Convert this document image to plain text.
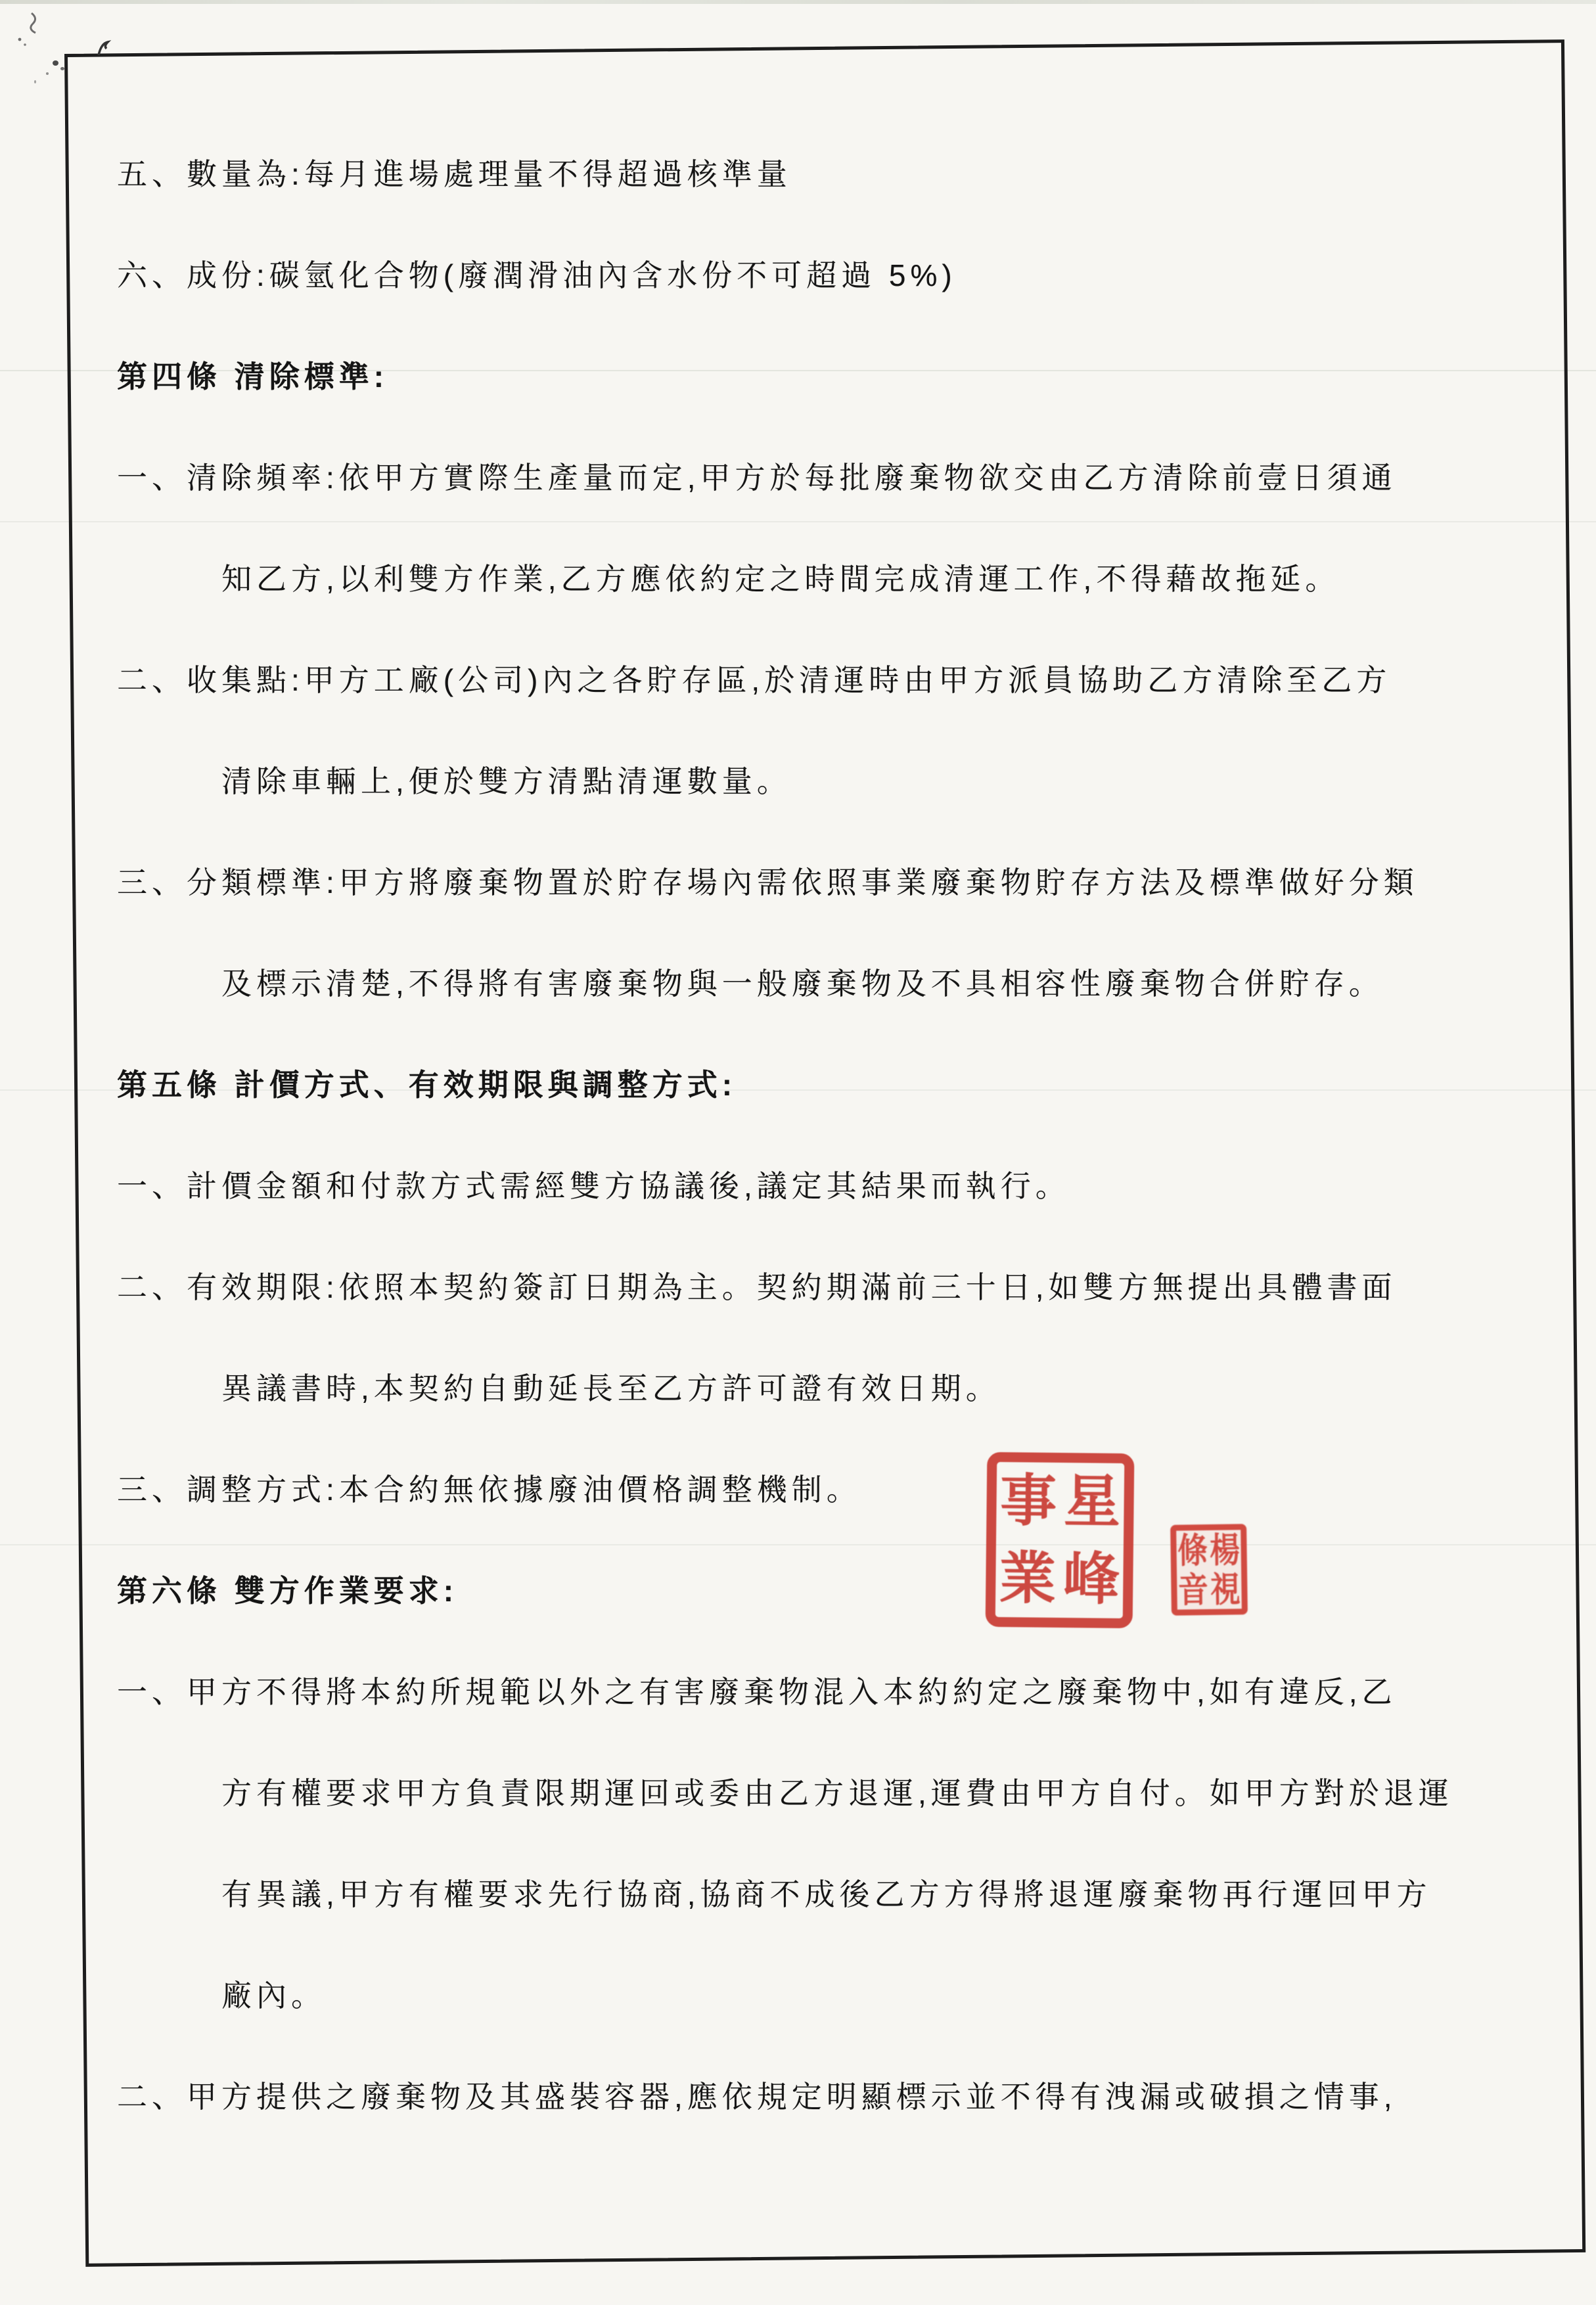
五、數量為:每月進場處理量不得超過核準量
六、成份:碳氫化合物(廢潤滑油內含水份不可超過 5%)
第四條 清除標準:
一、清除頻率:依甲方實際生產量而定,甲方於每批廢棄物欲交由乙方清除前壹日須通
知乙方,以利雙方作業,乙方應依約定之時間完成清運工作,不得藉故拖延。
二、收集點:甲方工廠(公司)內之各貯存區,於清運時由甲方派員協助乙方清除至乙方
清除車輛上,便於雙方清點清運數量。
三、分類標準:甲方將廢棄物置於貯存場內需依照事業廢棄物貯存方法及標準做好分類
及標示清楚,不得將有害廢棄物與一般廢棄物及不具相容性廢棄物合併貯存。
第五條 計價方式、有效期限與調整方式:
一、計價金額和付款方式需經雙方協議後,議定其結果而執行。
二、有效期限:依照本契約簽訂日期為主。契約期滿前三十日,如雙方無提出具體書面
異議書時,本契約自動延長至乙方許可證有效日期。
三、調整方式:本合約無依據廢油價格調整機制。
第六條 雙方作業要求:
一、甲方不得將本約所規範以外之有害廢棄物混入本約約定之廢棄物中,如有違反,乙
方有權要求甲方負責限期運回或委由乙方退運,運費由甲方自付。如甲方對於退運
有異議,甲方有權要求先行協商,協商不成後乙方方得將退運廢棄物再行運回甲方
廠內。
二、甲方提供之廢棄物及其盛裝容器,應依規定明顯標示並不得有洩漏或破損之情事,
星
峰
事
業	楊
視
條
音
